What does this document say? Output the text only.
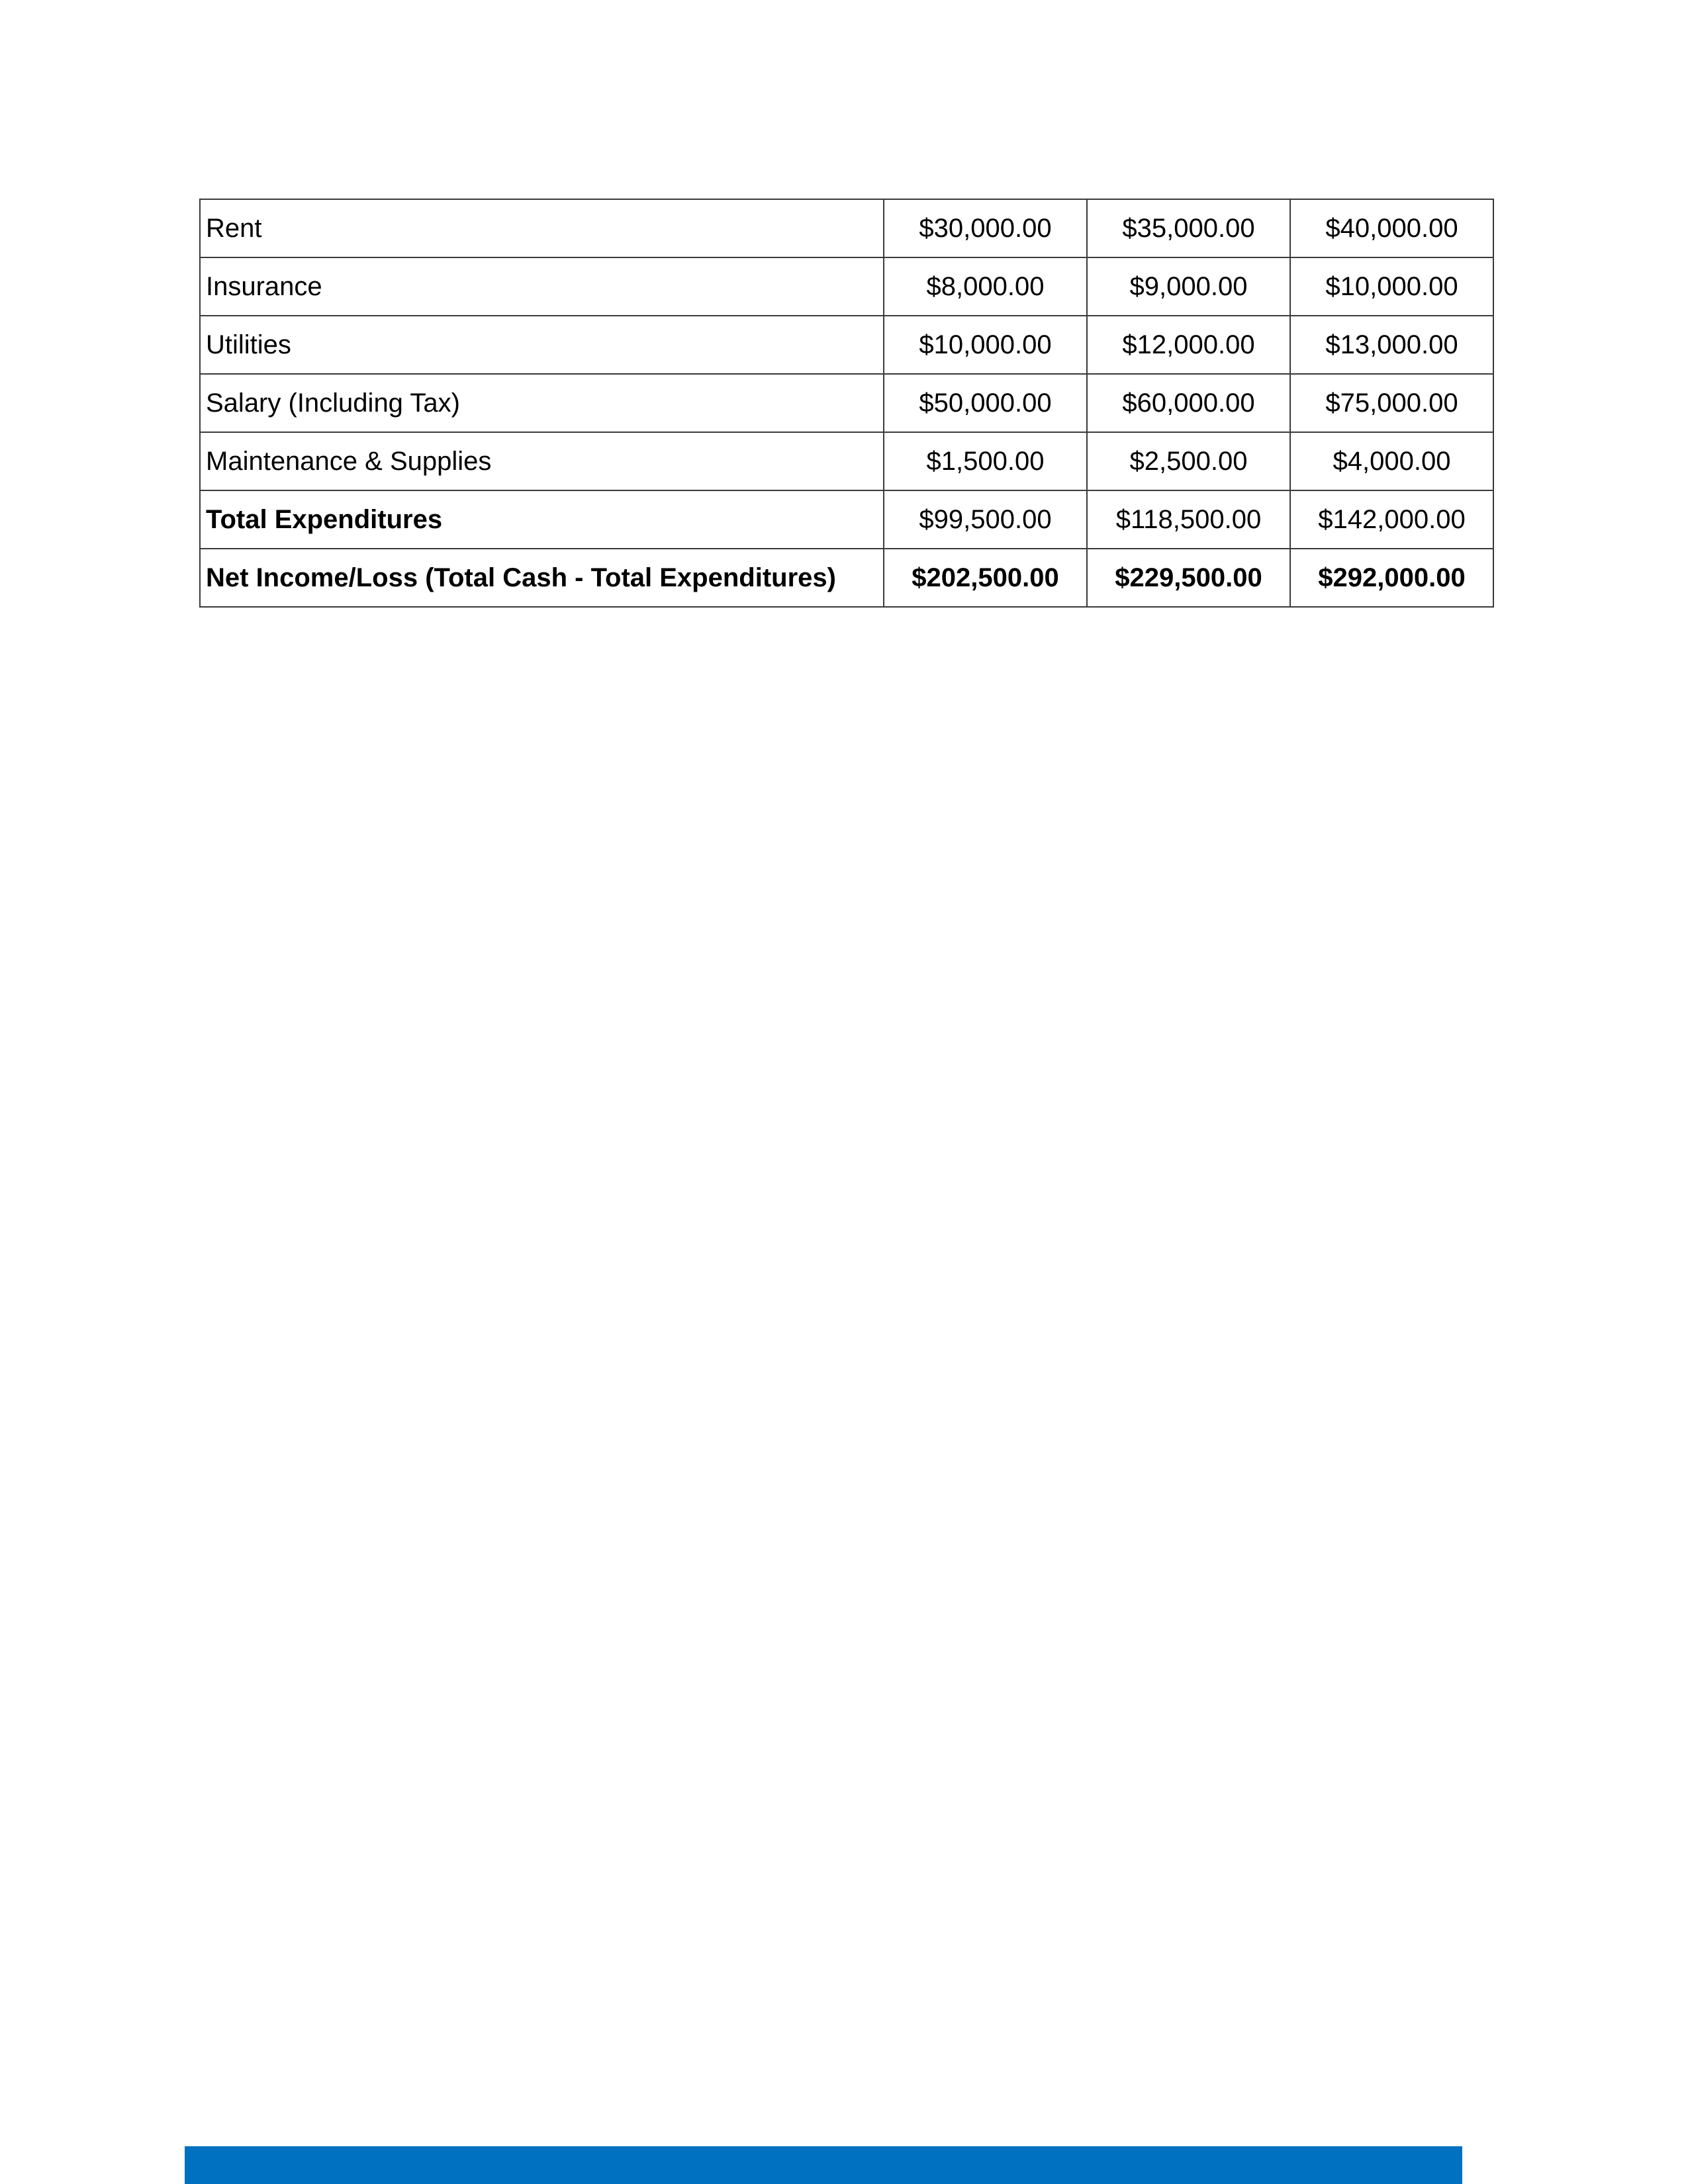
Rent	$30,000.00	$35,000.00	$40,000.00
Insurance	$8,000.00	$9,000.00	$10,000.00
Utilities	$10,000.00	$12,000.00	$13,000.00
Salary (Including Tax)	$50,000.00	$60,000.00	$75,000.00
Maintenance & Supplies	$1,500.00	$2,500.00	$4,000.00
Total Expenditures	$99,500.00	$118,500.00	$142,000.00
Net Income/Loss (Total Cash - Total Expenditures)	$202,500.00	$229,500.00	$292,000.00
